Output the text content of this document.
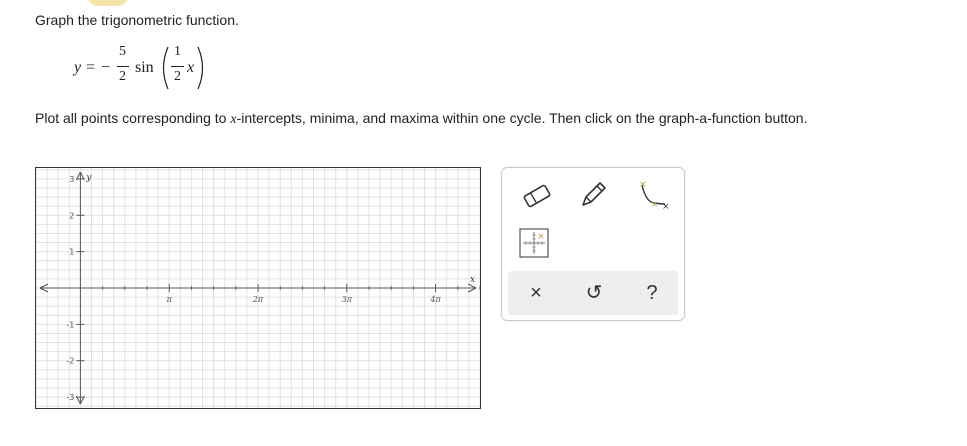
Graph the trigonometric function.
y = −
5
2
sin
1
2
x
Plot all points corresponding to x-intercepts, minima, and maxima within one cycle. Then click on the graph-a-function button.
π	2π	3π	4π
3
2
1
-1
-2
-3
x
y
×
× ×
×
×	↺	?
